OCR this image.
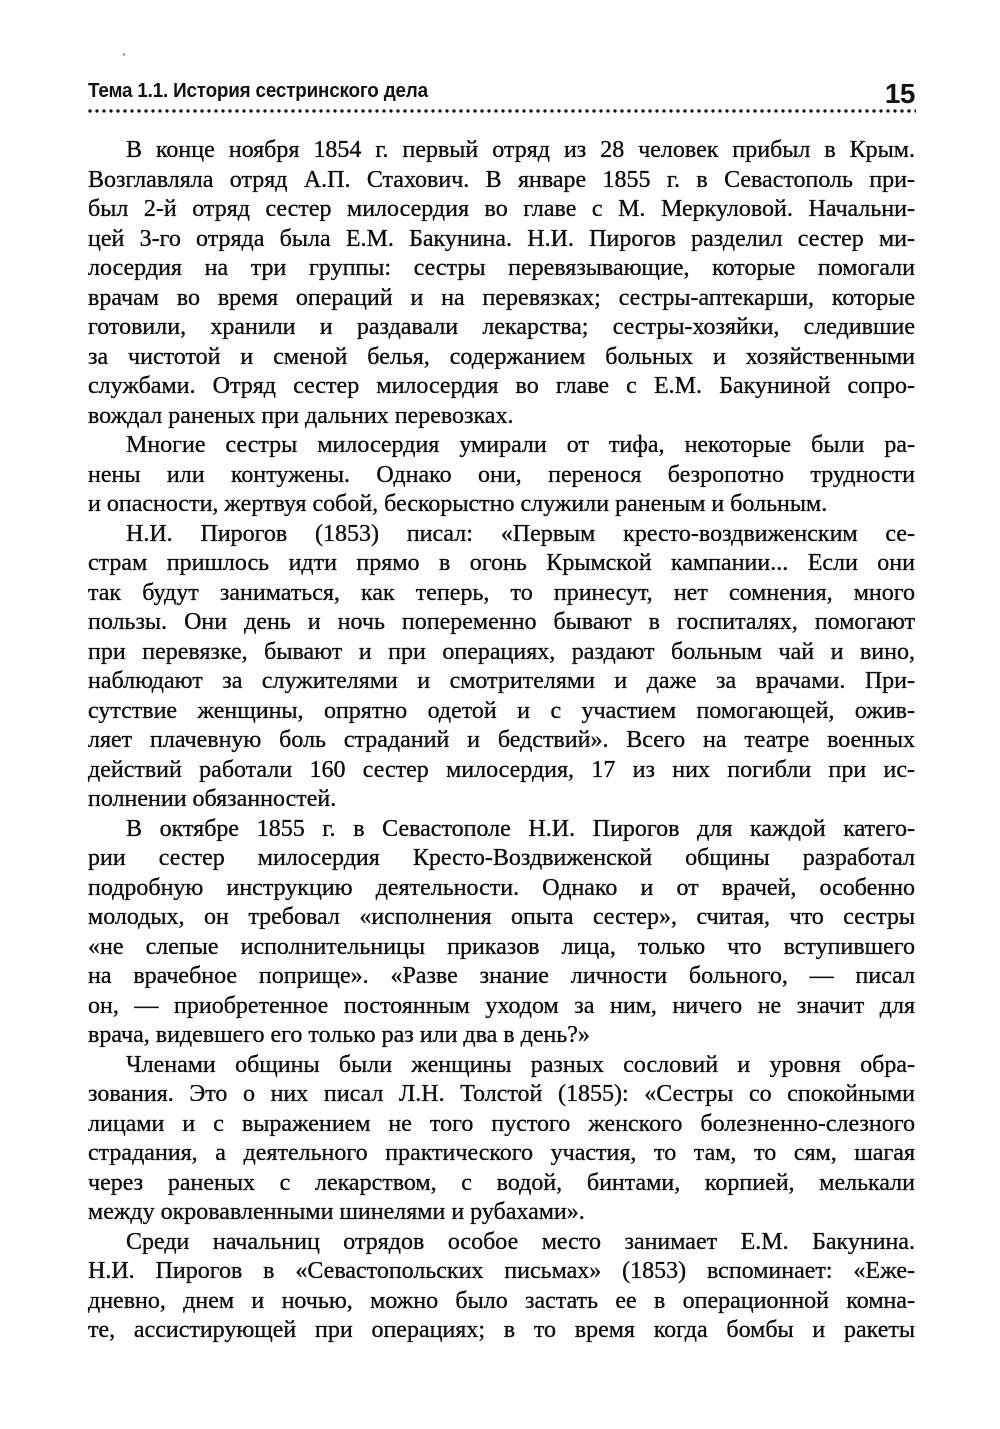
Тема 1.1. История сестринского дела	15
В конце ноября 1854 г. первый отряд из 28 человек прибыл в Крым.
Возглавляла отряд А.П. Стахович. В январе 1855 г. в Севастополь при-
был 2-й отряд сестер милосердия во главе с М. Меркуловой. Начальни-
цей 3-го отряда была Е.М. Бакунина. Н.И. Пирогов разделил сестер ми-
лосердия на три группы: сестры перевязывающие, которые помогали
врачам во время операций и на перевязках; сестры-аптекарши, которые
готовили, хранили и раздавали лекарства; сестры-хозяйки, следившие
за чистотой и сменой белья, содержанием больных и хозяйственными
службами. Отряд сестер милосердия во главе с Е.М. Бакуниной сопро-
вождал раненых при дальних перевозках.
Многие сестры милосердия умирали от тифа, некоторые были ра-
нены или контужены. Однако они, перенося безропотно трудности
и опасности, жертвуя собой, бескорыстно служили раненым и больным.
Н.И. Пирогов (1853) писал: «Первым кресто-воздвиженским се-
страм пришлось идти прямо в огонь Крымской кампании... Если они
так будут заниматься, как теперь, то принесут, нет сомнения, много
пользы. Они день и ночь попеременно бывают в госпиталях, помогают
при перевязке, бывают и при операциях, раздают больным чай и вино,
наблюдают за служителями и смотрителями и даже за врачами. При-
сутствие женщины, опрятно одетой и с участием помогающей, ожив-
ляет плачевную боль страданий и бедствий». Всего на театре военных
действий работали 160 сестер милосердия, 17 из них погибли при ис-
полнении обязанностей.
В октябре 1855 г. в Севастополе Н.И. Пирогов для каждой катего-
рии сестер милосердия Кресто-Воздвиженской общины разработал
подробную инструкцию деятельности. Однако и от врачей, особенно
молодых, он требовал «исполнения опыта сестер», считая, что сестры
«не слепые исполнительницы приказов лица, только что вступившего
на врачебное поприще». «Разве знание личности больного, — писал
он, — приобретенное постоянным уходом за ним, ничего не значит для
врача, видевшего его только раз или два в день?»
Членами общины были женщины разных сословий и уровня обра-
зования. Это о них писал Л.Н. Толстой (1855): «Сестры со спокойными
лицами и с выражением не того пустого женского болезненно-слезного
страдания, а деятельного практического участия, то там, то сям, шагая
через раненых с лекарством, с водой, бинтами, корпией, мелькали
между окровавленными шинелями и рубахами».
Среди начальниц отрядов особое место занимает Е.М. Бакунина.
Н.И. Пирогов в «Севастопольских письмах» (1853) вспоминает: «Еже-
дневно, днем и ночью, можно было застать ее в операционной комна-
те, ассистирующей при операциях; в то время когда бомбы и ракеты
